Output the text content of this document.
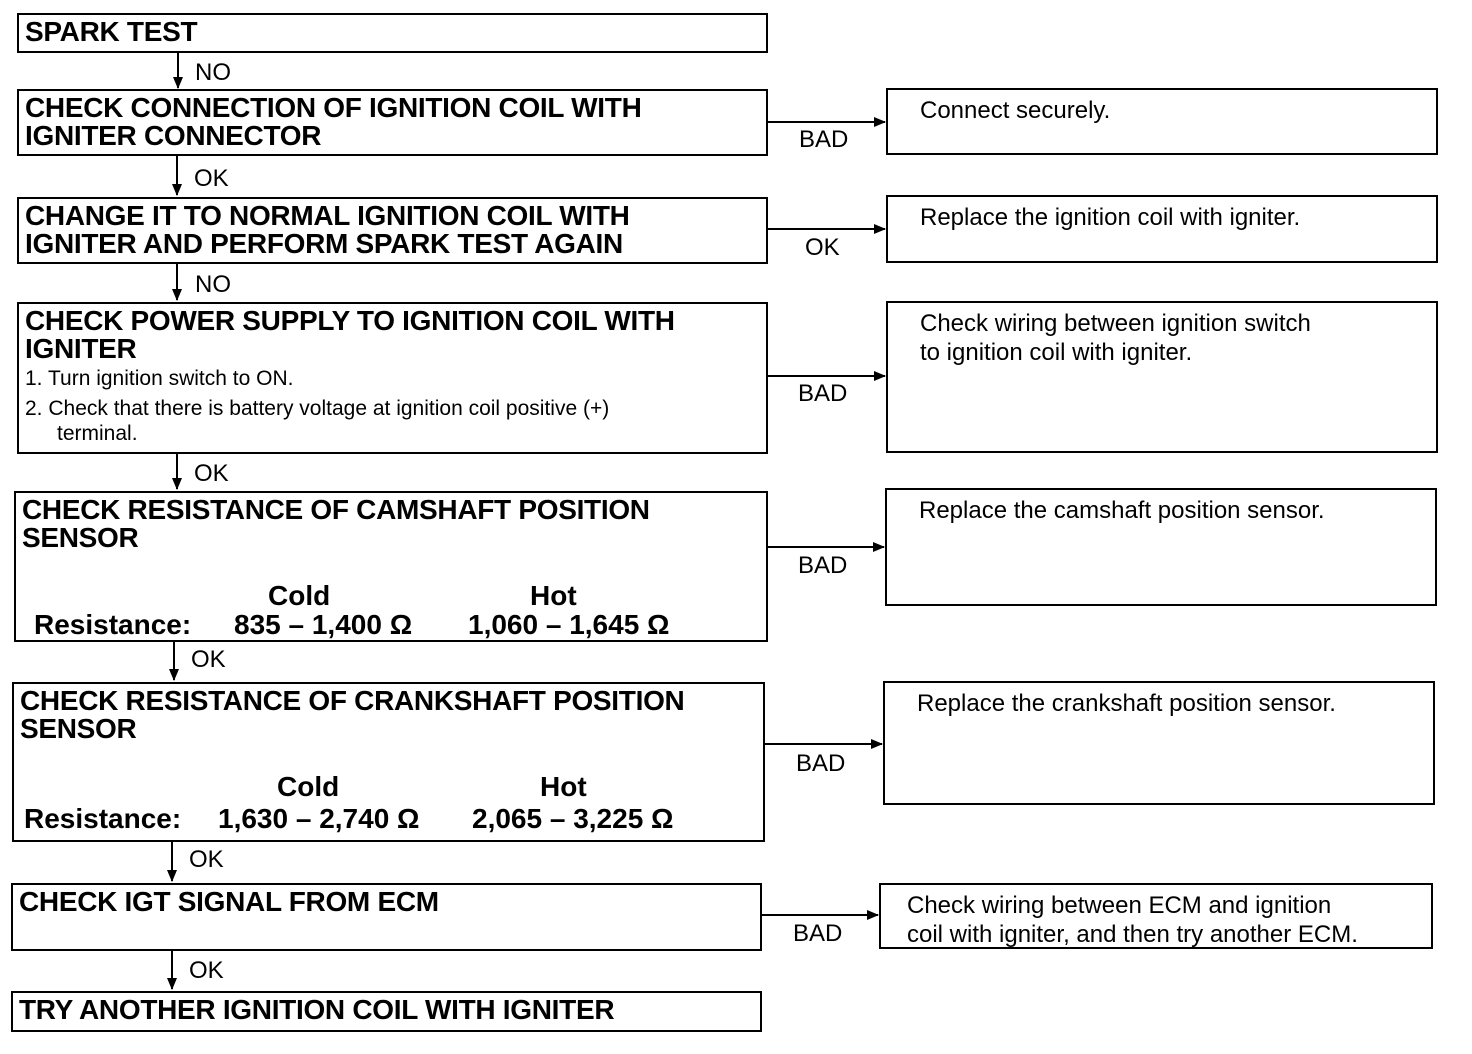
SPARK TEST
CHECK CONNECTION OF IGNITION COIL WITH
IGNITER CONNECTOR
CHANGE IT TO NORMAL IGNITION COIL WITH
IGNITER AND PERFORM SPARK TEST AGAIN
CHECK POWER SUPPLY TO IGNITION COIL WITH
IGNITER
1. Turn ignition switch to ON.
2. Check that there is battery voltage at ignition coil positive (+)
terminal.
CHECK RESISTANCE OF CAMSHAFT POSITION
SENSOR
Cold	Hot
Resistance: 835 – 1,400 Ω 1,060 – 1,645 Ω
CHECK RESISTANCE OF CRANKSHAFT POSITION
SENSOR
Cold	Hot
Resistance: 1,630 – 2,740 Ω 2,065 – 3,225 Ω
CHECK IGT SIGNAL FROM ECM
TRY ANOTHER IGNITION COIL WITH IGNITER
NO
OK
NO
OK
OK
OK
OK
BAD
OK
BAD
BAD
BAD
BAD
Connect securely.
Replace the ignition coil with igniter.
Check wiring between ignition switch
to ignition coil with igniter.
Replace the camshaft position sensor.
Replace the crankshaft position sensor.
Check wiring between ECM and ignition
coil with igniter, and then try another ECM.
